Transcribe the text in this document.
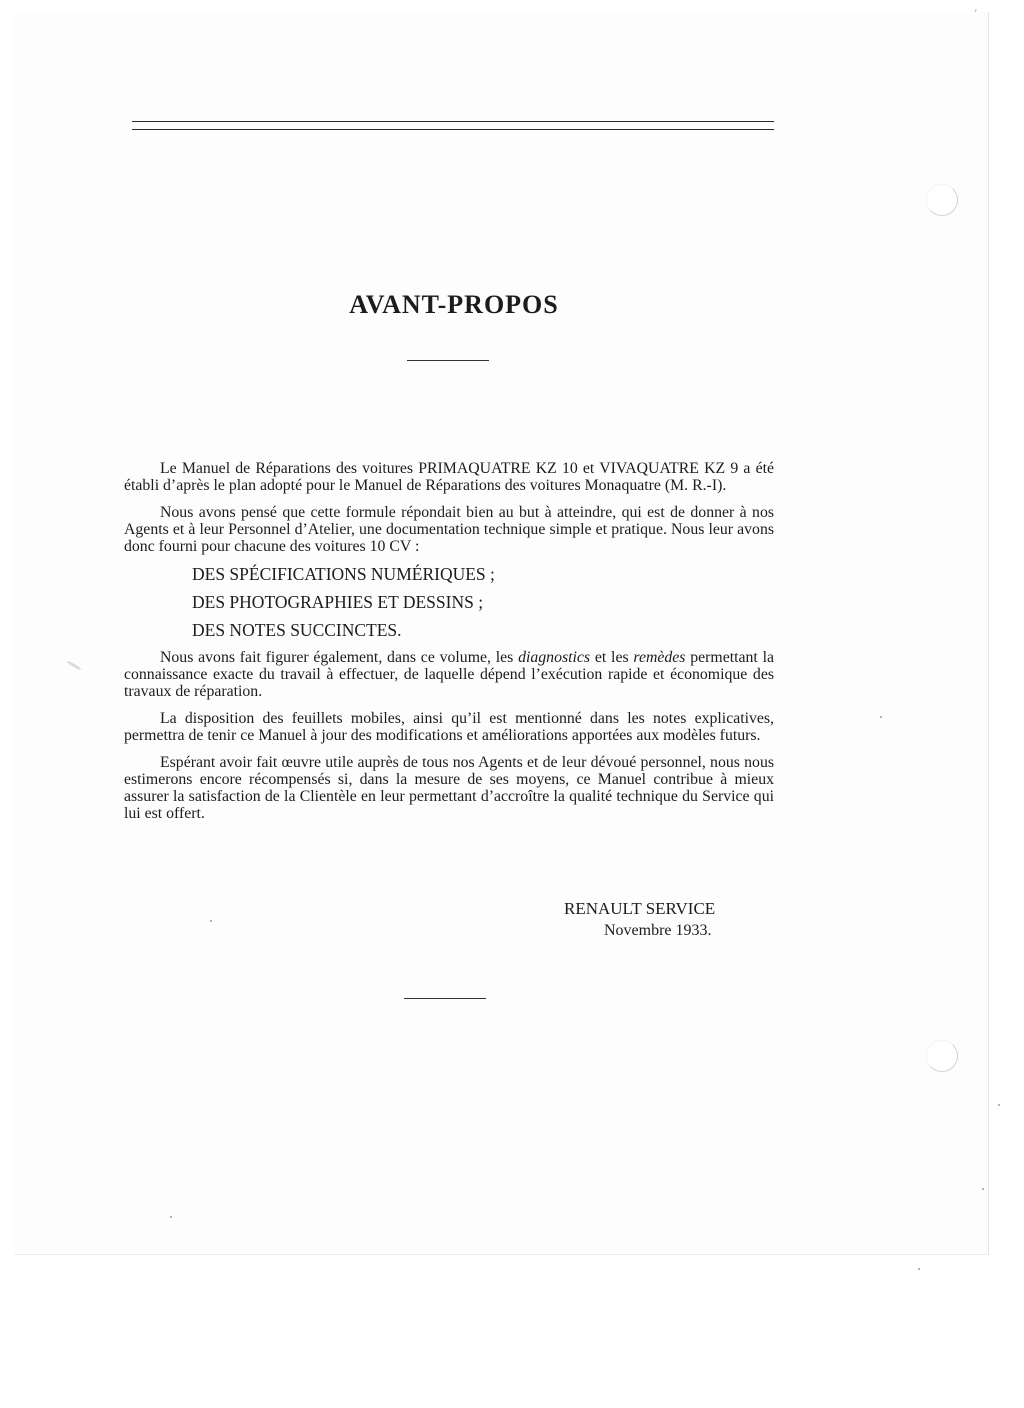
AVANT-PROPOS

Le Manuel de Réparations des voitures PRIMAQUATRE KZ 10 et VIVAQUATRE KZ 9 a été établi d’après le plan adopté pour le Manuel de Réparations des voitures Monaquatre (M. R.-I).

Nous avons pensé que cette formule répondait bien au but à atteindre, qui est de donner à nos Agents et à leur Personnel d’Atelier, une documentation technique simple et pratique. Nous leur avons donc fourni pour chacune des voitures 10 CV :

DES SPÉCIFICATIONS NUMÉRIQUES ;
DES PHOTOGRAPHIES ET DESSINS ;
DES NOTES SUCCINCTES.

Nous avons fait figurer également, dans ce volume, les diagnostics et les remèdes permettant la connaissance exacte du travail à effectuer, de laquelle dépend l’exécution rapide et économique des travaux de réparation.

La disposition des feuillets mobiles, ainsi qu’il est mentionné dans les notes explicatives, permettra de tenir ce Manuel à jour des modifications et améliorations apportées aux modèles futurs.

Espérant avoir fait œuvre utile auprès de tous nos Agents et de leur dévoué personnel, nous nous estimerons encore récompensés si, dans la mesure de ses moyens, ce Manuel contribue à mieux assurer la satisfaction de la Clientèle en leur permettant d’accroître la qualité technique du Service qui lui est offert.

RENAULT SERVICE
Novembre 1933.
